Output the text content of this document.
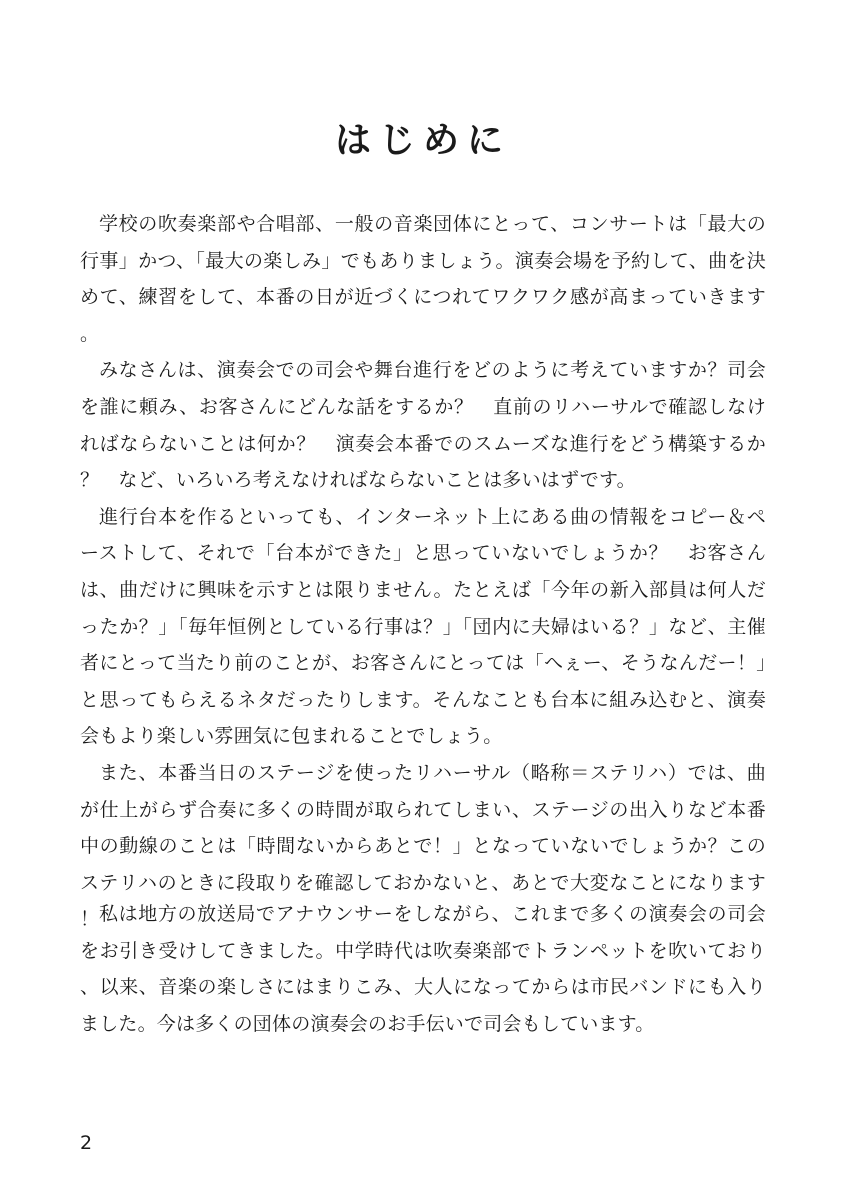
はじめに

学校の吹奏楽部や合唱部、一般の音楽団体にとって、コンサートは「最大の行事」かつ、「最大の楽しみ」でもありましょう。演奏会場を予約して、曲を決めて、練習をして、本番の日が近づくにつれてワクワク感が高まっていきます。

みなさんは、演奏会での司会や舞台進行をどのように考えていますか？司会を誰に頼み、お客さんにどんな話をするか？　直前のリハーサルで確認しなければならないことは何か？　演奏会本番でのスムーズな進行をどう構築するか？　など、いろいろ考えなければならないことは多いはずです。

進行台本を作るといっても、インターネット上にある曲の情報をコピー＆ペーストして、それで「台本ができた」と思っていないでしょうか？　お客さんは、曲だけに興味を示すとは限りません。たとえば「今年の新入部員は何人だったか？」「毎年恒例としている行事は？」「団内に夫婦はいる？」など、主催者にとって当たり前のことが、お客さんにとっては「へぇー、そうなんだー！」と思ってもらえるネタだったりします。そんなことも台本に組み込むと、演奏会もより楽しい雰囲気に包まれることでしょう。

また、本番当日のステージを使ったリハーサル（略称＝ステリハ）では、曲が仕上がらず合奏に多くの時間が取られてしまい、ステージの出入りなど本番中の動線のことは「時間ないからあとで！」となっていないでしょうか？このステリハのときに段取りを確認しておかないと、あとで大変なことになります！ 私は地方の放送局でアナウンサーをしながら、これまで多くの演奏会の司会をお引き受けしてきました。中学時代は吹奏楽部でトランペットを吹いており、以来、音楽の楽しさにはまりこみ、大人になってからは市民バンドにも入りました。今は多くの団体の演奏会のお手伝いで司会もしています。

2
